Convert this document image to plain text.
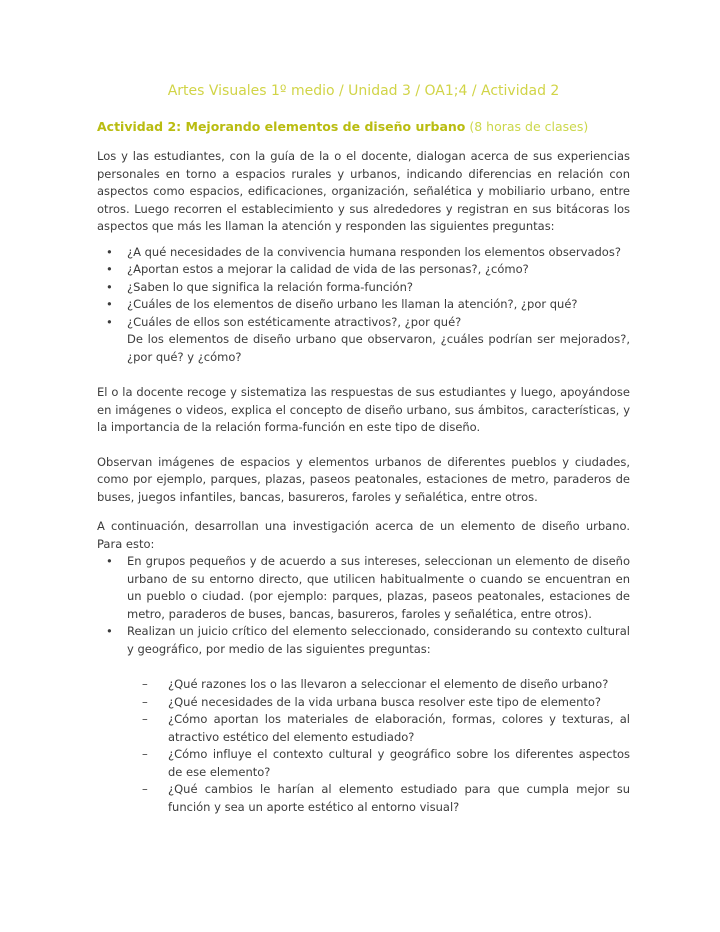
Artes Visuales 1º medio / Unidad 3 / OA1;4 / Actividad 2
Actividad 2: Mejorando elementos de diseño urbano (8 horas de clases)

Los y las estudiantes, con la guía de la o el docente, dialogan acerca de sus experiencias personales en torno a espacios rurales y urbanos, indicando diferencias en relación con aspectos como espacios, edificaciones, organización, señalética y mobiliario urbano, entre otros. Luego recorren el establecimiento y sus alrededores y registran en sus bitácoras los aspectos que más les llaman la atención y responden las siguientes preguntas:

• ¿A qué necesidades de la convivencia humana responden los elementos observados?
• ¿Aportan estos a mejorar la calidad de vida de las personas?, ¿cómo?
• ¿Saben lo que significa la relación forma-función?
• ¿Cuáles de los elementos de diseño urbano les llaman la atención?, ¿por qué?
• ¿Cuáles de ellos son estéticamente atractivos?, ¿por qué?
De los elementos de diseño urbano que observaron, ¿cuáles podrían ser mejorados?, ¿por qué? y ¿cómo?

El o la docente recoge y sistematiza las respuestas de sus estudiantes y luego, apoyándose en imágenes o videos, explica el concepto de diseño urbano, sus ámbitos, características, y la importancia de la relación forma-función en este tipo de diseño.

Observan imágenes de espacios y elementos urbanos de diferentes pueblos y ciudades, como por ejemplo, parques, plazas, paseos peatonales, estaciones de metro, paraderos de buses, juegos infantiles, bancas, basureros, faroles y señalética, entre otros.

A continuación, desarrollan una investigación acerca de un elemento de diseño urbano. Para esto:

• En grupos pequeños y de acuerdo a sus intereses, seleccionan un elemento de diseño urbano de su entorno directo, que utilicen habitualmente o cuando se encuentran en un pueblo o ciudad. (por ejemplo: parques, plazas, paseos peatonales, estaciones de metro, paraderos de buses, bancas, basureros, faroles y señalética, entre otros).
• Realizan un juicio crítico del elemento seleccionado, considerando su contexto cultural y geográfico, por medio de las siguientes preguntas:
– ¿Qué razones los o las llevaron a seleccionar el elemento de diseño urbano?
– ¿Qué necesidades de la vida urbana busca resolver este tipo de elemento?
– ¿Cómo aportan los materiales de elaboración, formas, colores y texturas, al atractivo estético del elemento estudiado?
– ¿Cómo influye el contexto cultural y geográfico sobre los diferentes aspectos de ese elemento?
– ¿Qué cambios le harían al elemento estudiado para que cumpla mejor su función y sea un aporte estético al entorno visual?
